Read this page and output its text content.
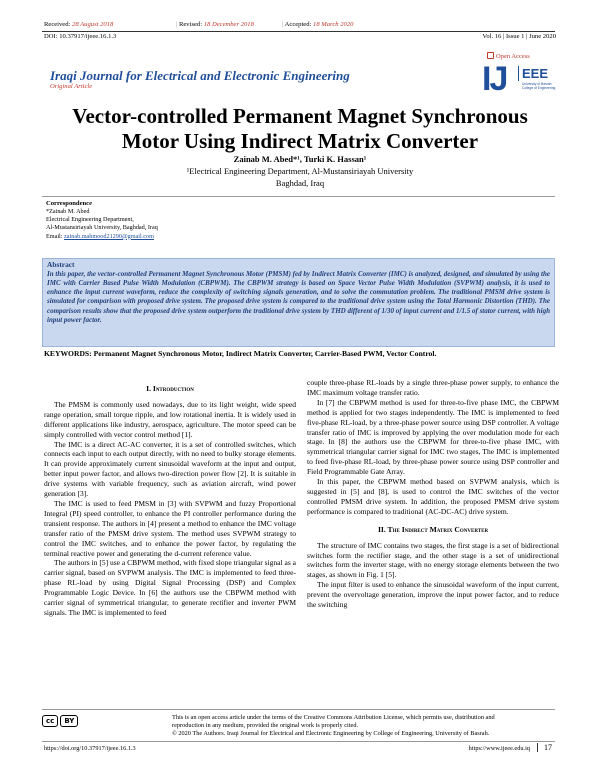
Received: 28 August 2018	| Revised: 18 December 2018	| Accepted: 18 March 2020
DOI: 10.37917/ijeee.16.1.3	Vol. 16 | Issue 1 | June 2020
Iraqi Journal for Electrical and Electronic Engineering
Original Article
Open Access
IJ	EEE
University of Basrah College of Engineering
Vector-controlled Permanent Magnet Synchronous
Motor Using Indirect Matrix Converter
Zainab M. Abed*¹, Turki K. Hassan¹
¹Electrical Engineering Department, Al-Mustansiriayah University
Baghdad, Iraq
Correspondence
*Zainab M. Abed
Electrical Engineering Department,
Al-Mustansiriayah University, Baghdad, Iraq
Email: zainab.mahmood21290@gmail.com
Abstract
In this paper, the vector-controlled Permanent Magnet Synchronous Motor (PMSM) fed by Indirect Matrix Converter (IMC) is analyzed, designed, and simulated by using the IMC with Carrier Based Pulse Width Modulation (CBPWM). The CBPWM strategy is based on Space Vector Pulse Width Modulation (SVPWM) analysis, it is used to enhance the input current waveform, reduce the complexity of switching signals generation, and to solve the commutation problem. The traditional PMSM drive system is simulated for comparison with proposed drive system. The proposed drive system is compared to the traditional drive system using the Total Harmonic Distortion (THD). The comparison results show that the proposed drive system outperform the traditional drive system by THD different of 1/30 of input current and 1/1.5 of stator current, with high input power factor.
KEYWORDS: Permanent Magnet Synchronous Motor, Indirect Matrix Converter, Carrier-Based PWM, Vector Control.
I. Introduction

The PMSM is commonly used nowadays, due to its light weight, wide speed range operation, small torque ripple, and low rotational inertia. It is widely used in different applications like industry, aerospace, agriculture. The motor speed can be simply controlled with vector control method [1].

The IMC is a direct AC-AC converter, it is a set of controlled switches, which connects each input to each output directly, with no need to bulky storage elements. It can provide approximately current sinusoidal waveform at the input and output, better input power factor, and allows two-direction power flow [2]. It is suitable in drive systems with variable frequency, such as aviation aircraft, wind power generation [3].

The IMC is used to feed PMSM in [3] with SVPWM and fuzzy Proportional Integral (PI) speed controller, to enhance the PI controller performance during the transient response. The authors in [4] present a method to enhance the IMC voltage transfer ratio of the PMSM drive system. The method uses SVPWM strategy to control the IMC switches, and to enhance the power factor, by regulating the terminal reactive power and generating the d-current reference value.

The authors in [5] use a CBPWM method, with fixed slope triangular signal as a carrier signal, based on SVPWM analysis. The IMC is implemented to feed three-phase RL-load by using Digital Signal Processing (DSP) and Complex Programmable Logic Device. In [6] the authors use the CBPWM method with carrier signal of symmetrical triangular, to generate rectifier and inverter PWM signals. The IMC is implemented to feed

couple three-phase RL-loads by a single three-phase power supply, to enhance the IMC maximum voltage transfer ratio.

In [7] the CBPWM method is used for three-to-five phase IMC, the CBPWM method is applied for two stages independently. The IMC is implemented to feed five-phase RL-load, by a three-phase power source using DSP controller. A voltage transfer ratio of IMC is improved by applying the over modulation mode for each stage. In [8] the authors use the CBPWM for three-to-five phase IMC, with symmetrical triangular carrier signal for IMC two stages, The IMC is implemented to feed five-phase RL-load, by three-phase power source using DSP controller and Field Programmable Gate Array.

In this paper, the CBPWM method based on SVPWM analysis, which is suggested in [5] and [8], is used to control the IMC switches of the vector controlled PMSM drive system. In addition, the proposed PMSM drive system performance is compared to traditional (AC-DC-AC) drive system.

II. The Indirect Matrix Converter

The structure of IMC contains two stages, the first stage is a set of bidirectional switches form the rectifier stage, and the other stage is a set of unidirectional switches form the inverter stage, with no energy storage elements between the two stages, as shown in Fig. 1 [5].

The input filter is used to enhance the sinusoidal waveform of the input current, prevent the overvoltage generation, improve the input power factor, and to reduce the switching

cc BY	This is an open access article under the terms of the Creative Commons Attribution License, which permits use, distribution and
reproduction in any medium, provided the original work is properly cited.
© 2020 The Authors. Iraqi Journal for Electrical and Electronic Engineering by College of Engineering, University of Basrah.
https://doi.org/10.37917/ijeee.16.1.3	https://www.ijeee.edu.iq	17
